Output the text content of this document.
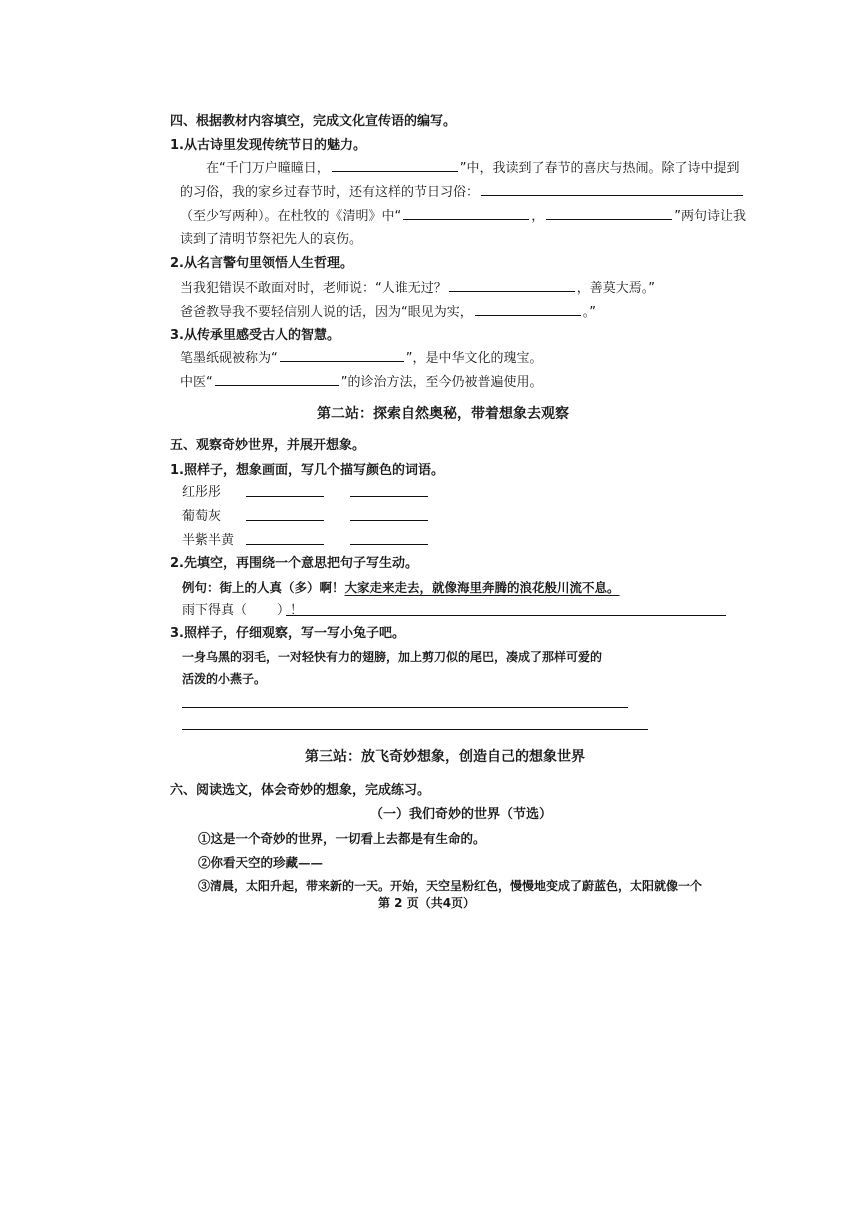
四、根据教材内容填空，完成文化宣传语的编写。
1.从古诗里发现传统节日的魅力。
在“千门万户曈曈日，	”中，我读到了春节的喜庆与热闹。除了诗中提到
的习俗，我的家乡过春节时，还有这样的节日习俗：
（至少写两种）。在杜牧的《清明》中“	，	”两句诗让我
读到了清明节祭祀先人的哀伤。
2.从名言警句里领悟人生哲理。
当我犯错误不敢面对时，老师说：“人谁无过？	，善莫大焉。”
爸爸教导我不要轻信别人说的话，因为“眼见为实，	。”
3.从传承里感受古人的智慧。
笔墨纸砚被称为“	”，是中华文化的瑰宝。
中医“	”的诊治方法，至今仍被普遍使用。
第二站：探索自然奥秘，带着想象去观察
五、观察奇妙世界，并展开想象。
1.照样子，想象画面，写几个描写颜色的词语。
红彤彤
葡萄灰
半紫半黄
2.先填空，再围绕一个意思把句子写生动。
例句：街上的人真（多）啊！大家走来走去，就像海里奔腾的浪花般川流不息。
雨下得真（ ）！
3.照样子，仔细观察，写一写小兔子吧。
一身乌黑的羽毛，一对轻快有力的翅膀，加上剪刀似的尾巴，凑成了那样可爱的
活泼的小燕子。
第三站：放飞奇妙想象，创造自己的想象世界
六、阅读选文，体会奇妙的想象，完成练习。
（一）我们奇妙的世界（节选）
①这是一个奇妙的世界，一切看上去都是有生命的。
②你看天空的珍藏——
③清晨，太阳升起，带来新的一天。开始，天空呈粉红色，慢慢地变成了蔚蓝色，太阳就像一个
第 2 页（共4页）
